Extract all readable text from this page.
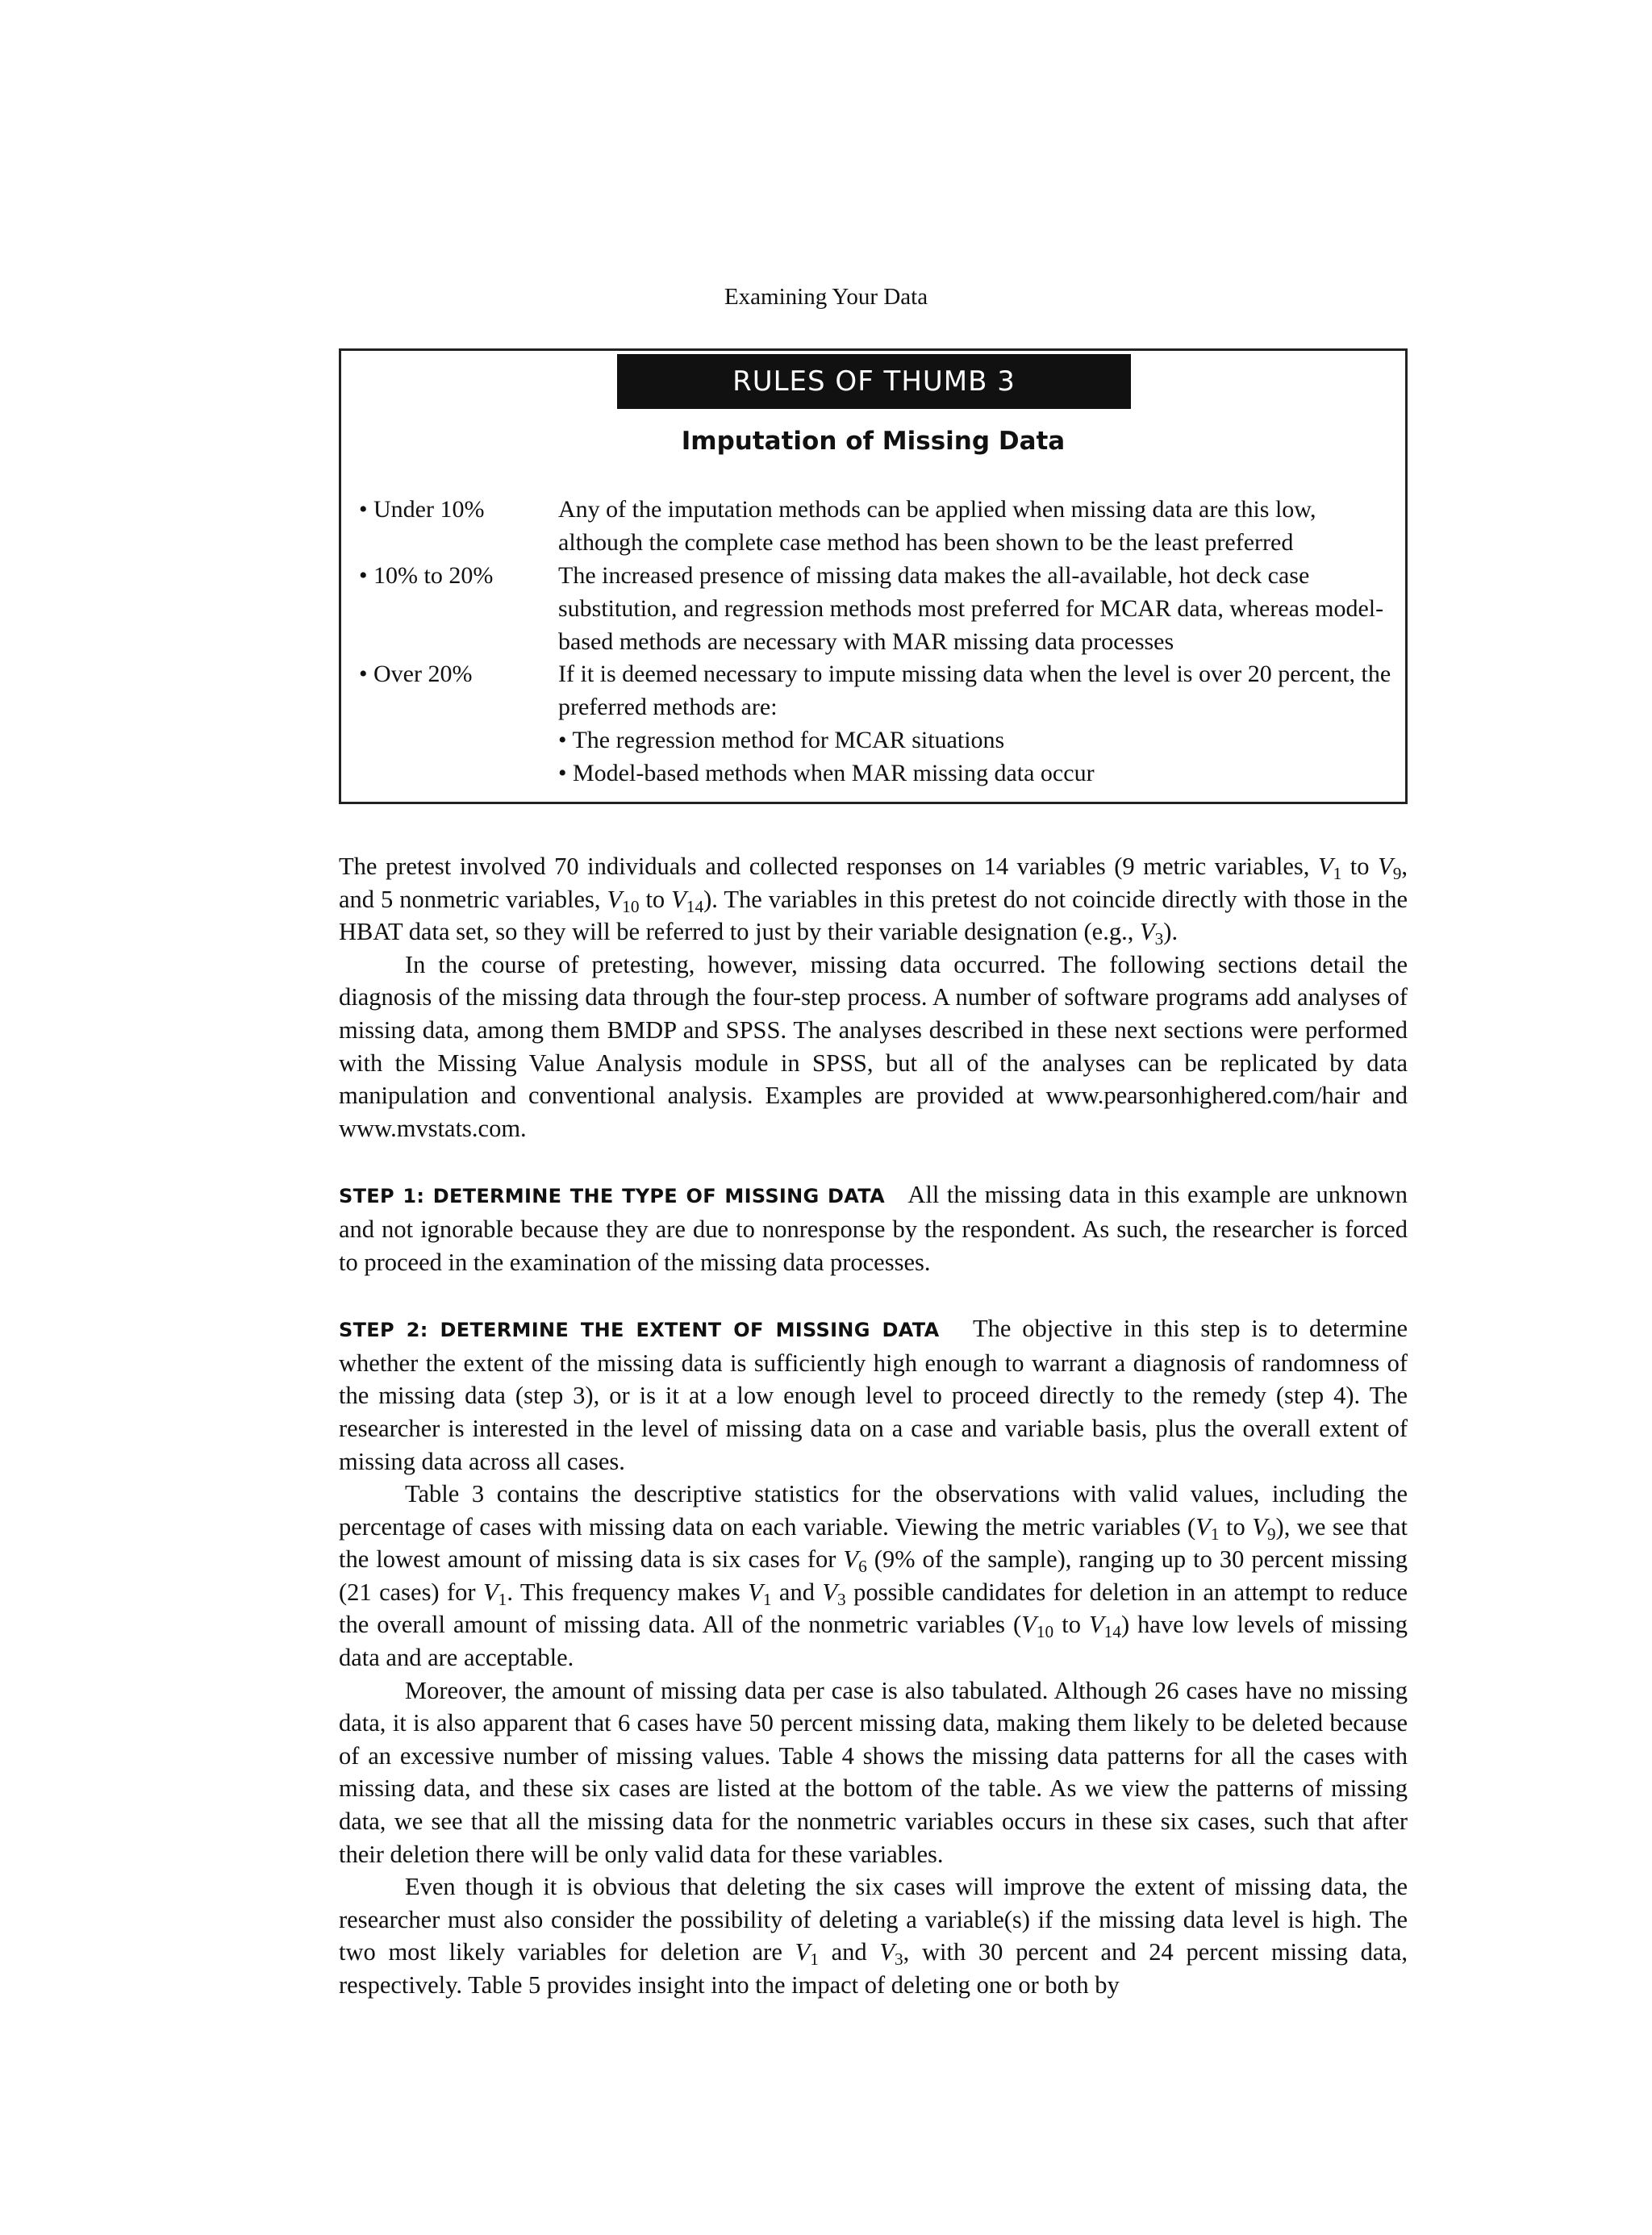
Examining Your Data
RULES OF THUMB 3
Imputation of Missing Data
• Under 10%	Any of the imputation methods can be applied when missing data are this low, although the complete case method has been shown to be the least preferred
• 10% to 20%	The increased presence of missing data makes the all-available, hot deck case substitution, and regression methods most preferred for MCAR data, whereas model-based methods are necessary with MAR missing data processes
• Over 20%	If it is deemed necessary to impute missing data when the level is over 20 percent, the preferred methods are:
• The regression method for MCAR situations
• Model-based methods when MAR missing data occur

The pretest involved 70 individuals and collected responses on 14 variables (9 metric variables, $V_1$ to $V_9$, and 5 nonmetric variables, $V_{10}$ to $V_{14}$). The variables in this pretest do not coincide directly with those in the HBAT data set, so they will be referred to just by their variable designation (e.g., $V_3$).

In the course of pretesting, however, missing data occurred. The following sections detail the diagnosis of the missing data through the four-step process. A number of software programs add analyses of missing data, among them BMDP and SPSS. The analyses described in these next sections were performed with the Missing Value Analysis module in SPSS, but all of the analyses can be replicated by data manipulation and conventional analysis. Examples are provided at www.pearsonhighered.com/hair and www.mvstats.com.

STEP 1: DETERMINE THE TYPE OF MISSING DATA All the missing data in this example are unknown and not ignorable because they are due to nonresponse by the respondent. As such, the researcher is forced to proceed in the examination of the missing data processes.

STEP 2: DETERMINE THE EXTENT OF MISSING DATA The objective in this step is to determine whether the extent of the missing data is sufficiently high enough to warrant a diagnosis of randomness of the missing data (step 3), or is it at a low enough level to proceed directly to the remedy (step 4). The researcher is interested in the level of missing data on a case and variable basis, plus the overall extent of missing data across all cases.

Table 3 contains the descriptive statistics for the observations with valid values, including the percentage of cases with missing data on each variable. Viewing the metric variables ($V_1$ to $V_9$), we see that the lowest amount of missing data is six cases for $V_6$ (9% of the sample), ranging up to 30 percent missing (21 cases) for $V_1$. This frequency makes $V_1$ and $V_3$ possible candidates for deletion in an attempt to reduce the overall amount of missing data. All of the nonmetric variables ($V_{10}$ to $V_{14}$) have low levels of missing data and are acceptable.

Moreover, the amount of missing data per case is also tabulated. Although 26 cases have no missing data, it is also apparent that 6 cases have 50 percent missing data, making them likely to be deleted because of an excessive number of missing values. Table 4 shows the missing data patterns for all the cases with missing data, and these six cases are listed at the bottom of the table. As we view the patterns of missing data, we see that all the missing data for the nonmetric variables occurs in these six cases, such that after their deletion there will be only valid data for these variables.

Even though it is obvious that deleting the six cases will improve the extent of missing data, the researcher must also consider the possibility of deleting a variable(s) if the missing data level is high. The two most likely variables for deletion are $V_1$ and $V_3$, with 30 percent and 24 percent missing data, respectively. Table 5 provides insight into the impact of deleting one or both by
